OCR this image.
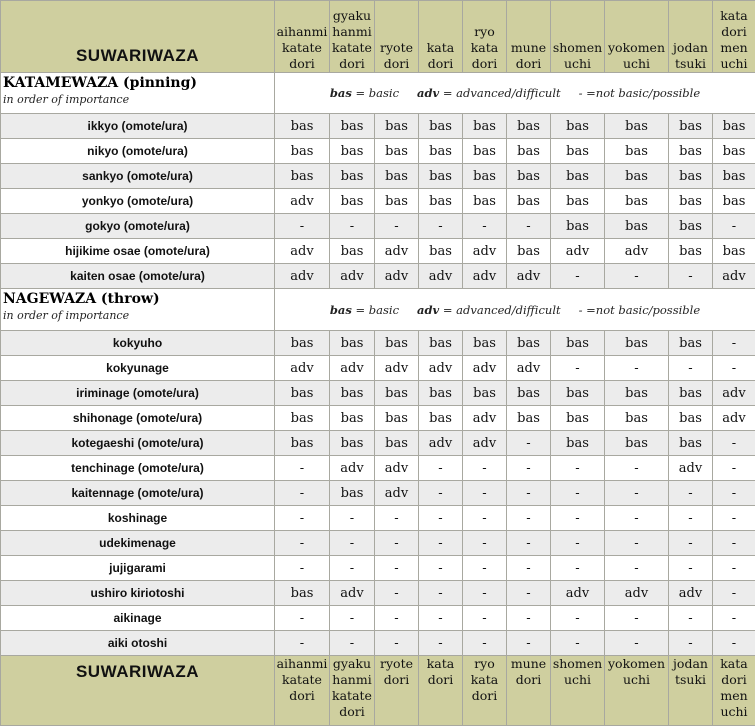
SUWARIWAZA	aihanmi
katate
dori	gyaku
hanmi
katate
dori	ryote
dori	kata
dori	ryo
kata
dori	mune
dori	shomen
uchi	yokomen
uchi	jodan
tsuki	kata
dori
men
uchi

KATAMEWAZA (pinning)
in order of importance	bas = basic adv = advanced/difficult - =not basic/possible									
ikkyo (omote/ura)	bas	bas	bas	bas	bas	bas	bas	bas	bas	bas
nikyo (omote/ura)	bas	bas	bas	bas	bas	bas	bas	bas	bas	bas
sankyo (omote/ura)	bas	bas	bas	bas	bas	bas	bas	bas	bas	bas
yonkyo (omote/ura)	adv	bas	bas	bas	bas	bas	bas	bas	bas	bas
gokyo (omote/ura)	-	-	-	-	-	-	bas	bas	bas	-
hijikime osae (omote/ura)	adv	bas	adv	bas	adv	bas	adv	adv	bas	bas
kaiten osae (omote/ura)	adv	adv	adv	adv	adv	adv	-	-	-	adv

NAGEWAZA (throw)
in order of importance	bas = basic adv = advanced/difficult - =not basic/possible									
kokyuho	bas	bas	bas	bas	bas	bas	bas	bas	bas	-
kokyunage	adv	adv	adv	adv	adv	adv	-	-	-	-
iriminage (omote/ura)	bas	bas	bas	bas	bas	bas	bas	bas	bas	adv
shihonage (omote/ura)	bas	bas	bas	bas	adv	bas	bas	bas	bas	adv
kotegaeshi (omote/ura)	bas	bas	bas	adv	adv	-	bas	bas	bas	-
tenchinage (omote/ura)	-	adv	adv	-	-	-	-	-	adv	-
kaitennage (omote/ura)	-	bas	adv	-	-	-	-	-	-	-
koshinage	-	-	-	-	-	-	-	-	-	-
udekimenage	-	-	-	-	-	-	-	-	-	-
jujigarami	-	-	-	-	-	-	-	-	-	-
ushiro kiriotoshi	bas	adv	-	-	-	-	adv	adv	adv	-
aikinage	-	-	-	-	-	-	-	-	-	-
aiki otoshi	-	-	-	-	-	-	-	-	-	-
SUWARIWAZA	aihanmi
katate
dori	gyaku
hanmi
katate
dori	ryote
dori	kata
dori	ryo
kata
dori	mune
dori	shomen
uchi	yokomen
uchi	jodan
tsuki	kata
dori
men
uchi
